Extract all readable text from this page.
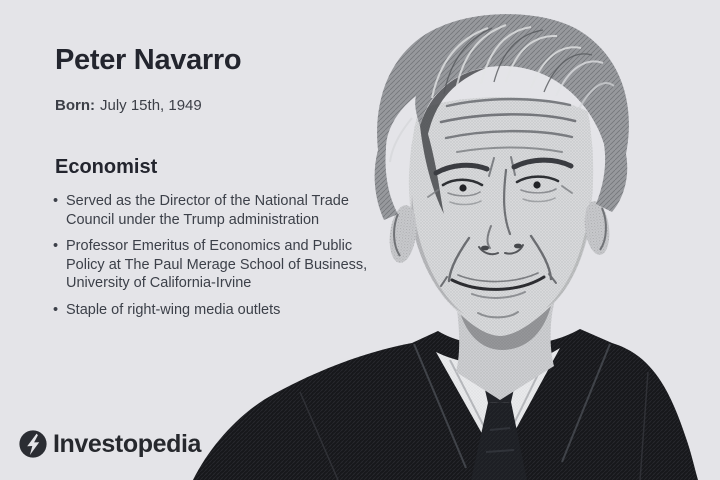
Peter Navarro

Born: July 15th, 1949

Economist
• Served as the Director of the National Trade Council under the Trump administration
• Professor Emeritus of Economics and Public Policy at The Paul Merage School of Business, University of California-Irvine
• Staple of right-wing media outlets
Investopedia
